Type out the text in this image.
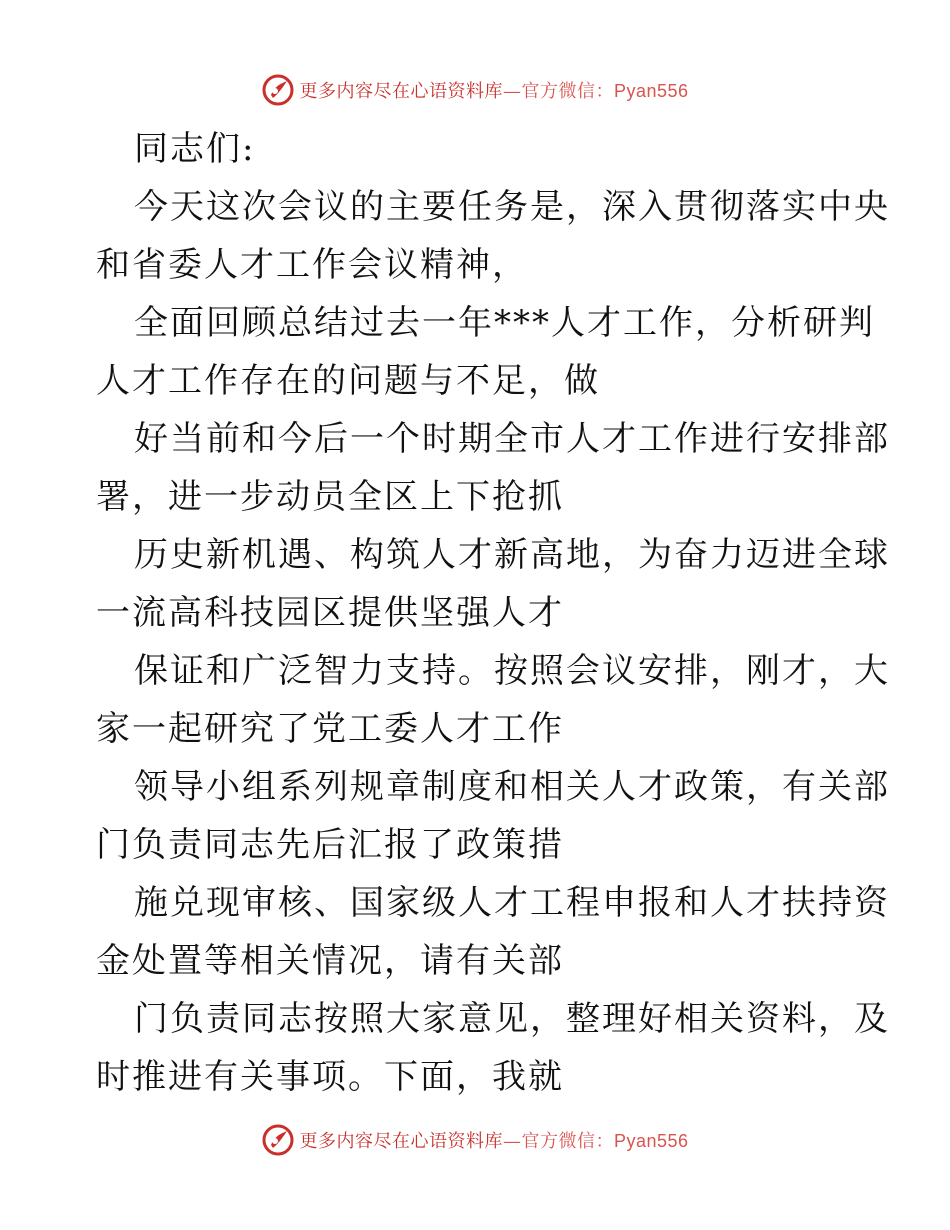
更多内容尽在心语资料库—官方微信：Pyan556
同志们:
今天这次会议的主要任务是，深入贯彻落实中央
和省委人才工作会议精神，
全面回顾总结过去一年***人才工作，分析研判
人才工作存在的问题与不足，做
好当前和今后一个时期全市人才工作进行安排部
署，进一步动员全区上下抢抓
历史新机遇、构筑人才新高地，为奋力迈进全球
一流高科技园区提供坚强人才
保证和广泛智力支持。按照会议安排，刚才，大
家一起研究了党工委人才工作
领导小组系列规章制度和相关人才政策，有关部
门负责同志先后汇报了政策措
施兑现审核、国家级人才工程申报和人才扶持资
金处置等相关情况，请有关部
门负责同志按照大家意见，整理好相关资料，及
时推进有关事项。下面，我就
更多内容尽在心语资料库—官方微信：Pyan556
